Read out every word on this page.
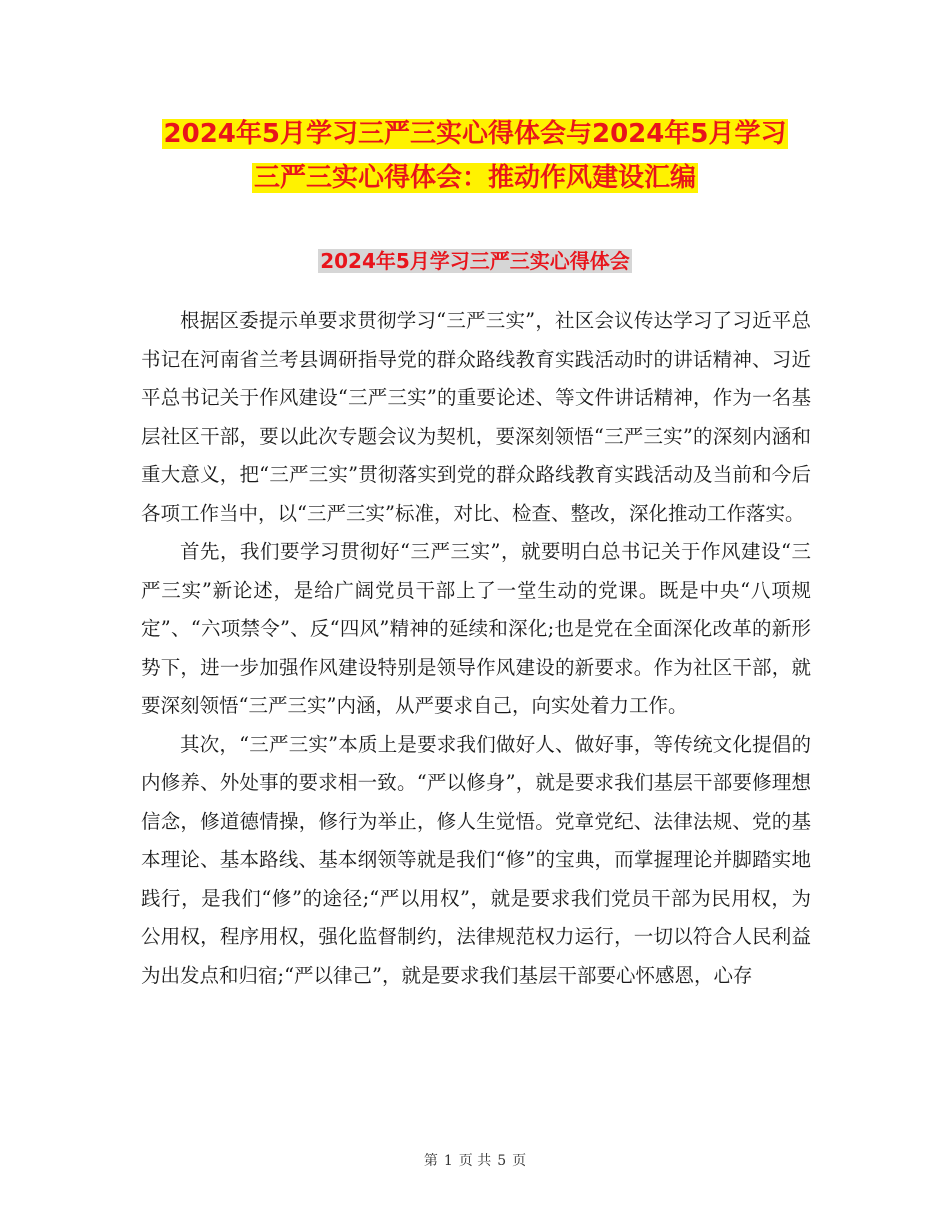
2024年5月学习三严三实心得体会与2024年5月学习
三严三实心得体会：推动作风建设汇编
2024年5月学习三严三实心得体会

根据区委提示单要求贯彻学习“三严三实”，社区会议传达学习了习近平总书记在河南省兰考县调研指导党的群众路线教育实践活动时的讲话精神、习近平总书记关于作风建设“三严三实”的重要论述、等文件讲话精神，作为一名基层社区干部，要以此次专题会议为契机，要深刻领悟“三严三实”的深刻内涵和重大意义，把“三严三实”贯彻落实到党的群众路线教育实践活动及当前和今后各项工作当中，以“三严三实”标准，对比、检查、整改，深化推动工作落实。

首先，我们要学习贯彻好“三严三实”，就要明白总书记关于作风建设“三严三实”新论述，是给广阔党员干部上了一堂生动的党课。既是中央“八项规定”、“六项禁令”、反“四风”精神的延续和深化;也是党在全面深化改革的新形势下，进一步加强作风建设特别是领导作风建设的新要求。作为社区干部，就要深刻领悟“三严三实”内涵，从严要求自己，向实处着力工作。

其次，“三严三实”本质上是要求我们做好人、做好事，等传统文化提倡的内修养、外处事的要求相一致。“严以修身”，就是要求我们基层干部要修理想信念，修道德情操，修行为举止，修人生觉悟。党章党纪、法律法规、党的基本理论、基本路线、基本纲领等就是我们“修”的宝典，而掌握理论并脚踏实地践行，是我们“修”的途径;“严以用权”，就是要求我们党员干部为民用权，为公用权，程序用权，强化监督制约，法律规范权力运行，一切以符合人民利益为出发点和归宿;“严以律己”，就是要求我们基层干部要心怀感恩，心存

第 1 页 共 5 页
